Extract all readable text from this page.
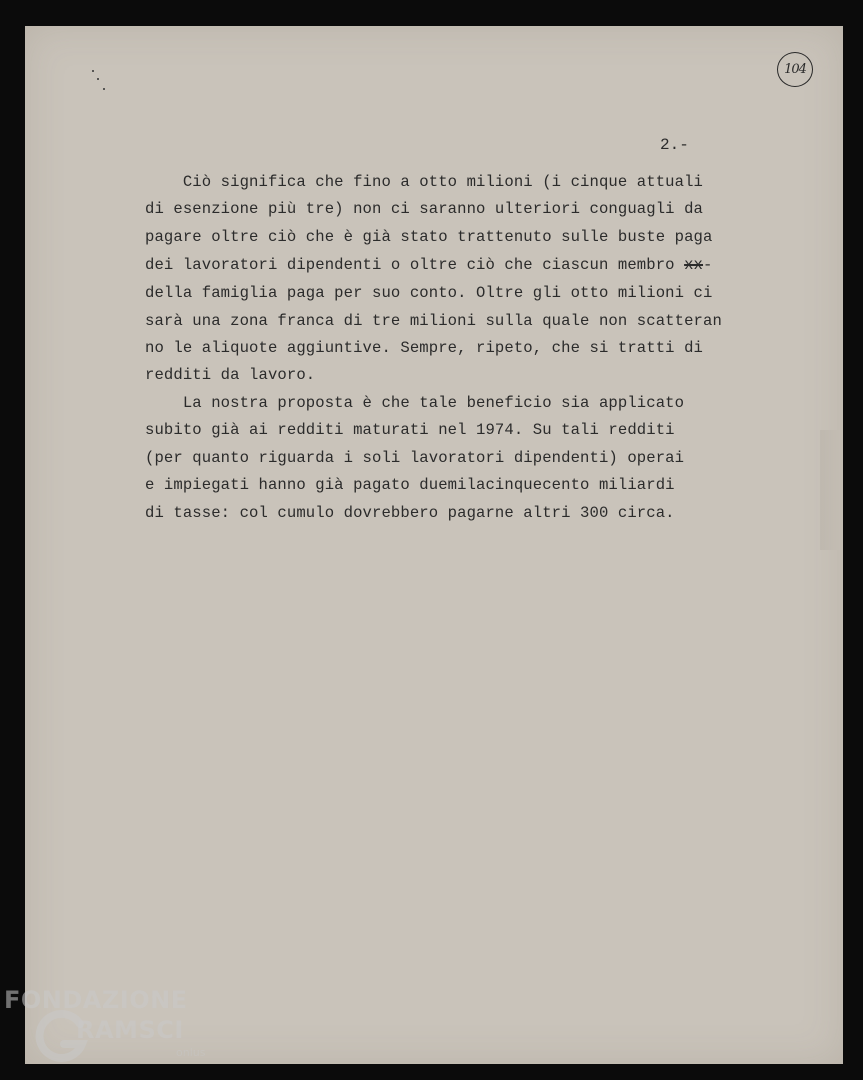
104
2.-
Ciò significa che fino a otto milioni (i cinque attuali
di esenzione più tre) non ci saranno ulteriori conguagli da
pagare oltre ciò che è già stato trattenuto sulle buste paga
dei lavoratori dipendenti o oltre ciò che ciascun membro xx-
della famiglia paga per suo conto. Oltre gli otto milioni ci
sarà una zona franca di tre milioni sulla quale non scatteran
no le aliquote aggiuntive. Sempre, ripeto, che si tratti di
redditi da lavoro.
La nostra proposta è che tale beneficio sia applicato
subito già ai redditi maturati nel 1974. Su tali redditi
(per quanto riguarda i soli lavoratori dipendenti) operai
e impiegati hanno già pagato duemilacinquecento miliardi
di tasse: col cumulo dovrebbero pagarne altri 300 circa.
FONDAZIONE
RAMSCI
onlus
